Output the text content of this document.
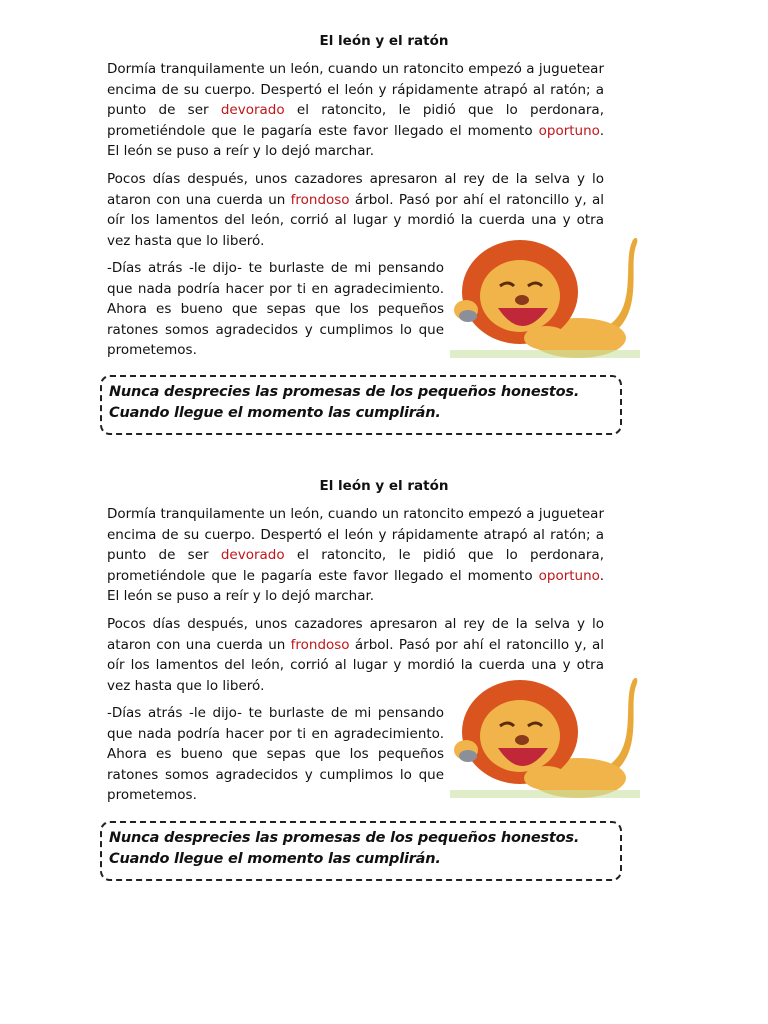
El león y el ratón

Dormía tranquilamente un león, cuando un ratoncito empezó a juguetear encima de su cuerpo. Despertó el león y rápidamente atrapó al ratón; a punto de ser devorado el ratoncito, le pidió que lo perdonara, prometiéndole que le pagaría este favor llegado el momento oportuno. El león se puso a reír y lo dejó marchar.

Pocos días después, unos cazadores apresaron al rey de la selva y lo ataron con una cuerda un frondoso árbol. Pasó por ahí el ratoncillo y, al oír los lamentos del león, corrió al lugar y mordió la cuerda una y otra vez hasta que lo liberó.

-Días atrás -le dijo- te burlaste de mi pensando que nada podría hacer por ti en agradecimiento. Ahora es bueno que sepas que los pequeños ratones somos agradecidos y cumplimos lo que prometemos.

Nunca desprecies las promesas de los pequeños honestos.
Cuando llegue el momento las cumplirán.
El león y el ratón

Dormía tranquilamente un león, cuando un ratoncito empezó a juguetear encima de su cuerpo. Despertó el león y rápidamente atrapó al ratón; a punto de ser devorado el ratoncito, le pidió que lo perdonara, prometiéndole que le pagaría este favor llegado el momento oportuno. El león se puso a reír y lo dejó marchar.

Pocos días después, unos cazadores apresaron al rey de la selva y lo ataron con una cuerda un frondoso árbol. Pasó por ahí el ratoncillo y, al oír los lamentos del león, corrió al lugar y mordió la cuerda una y otra vez hasta que lo liberó.

-Días atrás -le dijo- te burlaste de mi pensando que nada podría hacer por ti en agradecimiento. Ahora es bueno que sepas que los pequeños ratones somos agradecidos y cumplimos lo que prometemos.

Nunca desprecies las promesas de los pequeños honestos.
Cuando llegue el momento las cumplirán.
